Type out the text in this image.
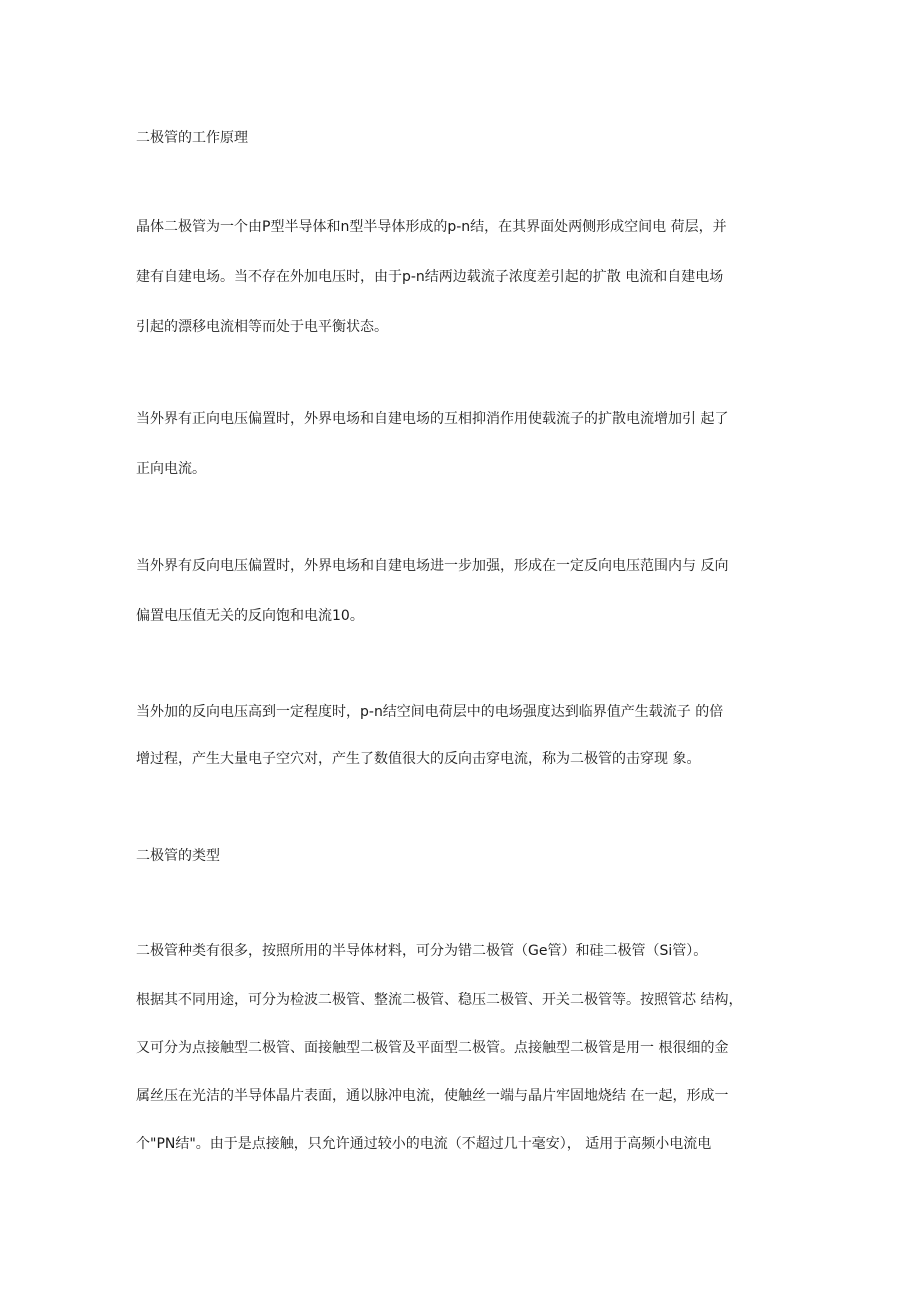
二极管的工作原理
晶体二极管为一个由P型半导体和n型半导体形成的p-n结，在其界面处两侧形成空间电 荷层，并
建有自建电场。当不存在外加电压时，由于p-n结两边载流子浓度差引起的扩散 电流和自建电场
引起的漂移电流相等而处于电平衡状态。
当外界有正向电压偏置时，外界电场和自建电场的互相抑消作用使载流子的扩散电流增加引 起了
正向电流。
当外界有反向电压偏置时，外界电场和自建电场进一步加强，形成在一定反向电压范围内与 反向
偏置电压值无关的反向饱和电流10。
当外加的反向电压高到一定程度时，p-n结空间电荷层中的电场强度达到临界值产生载流子 的倍
增过程，产生大量电子空穴对，产生了数值很大的反向击穿电流，称为二极管的击穿现 象。
二极管的类型
二极管种类有很多，按照所用的半导体材料，可分为错二极管（Ge管）和硅二极管（Si管）。
根据其不同用途，可分为检波二极管、整流二极管、稳压二极管、开关二极管等。按照管芯 结构，
又可分为点接触型二极管、面接触型二极管及平面型二极管。点接触型二极管是用一 根很细的金
属丝压在光洁的半导体晶片表面，通以脉冲电流，使触丝一端与晶片牢固地烧结 在一起，形成一
个"PN结"。由于是点接触，只允许通过较小的电流（不超过几十毫安）， 适用于高频小电流电
